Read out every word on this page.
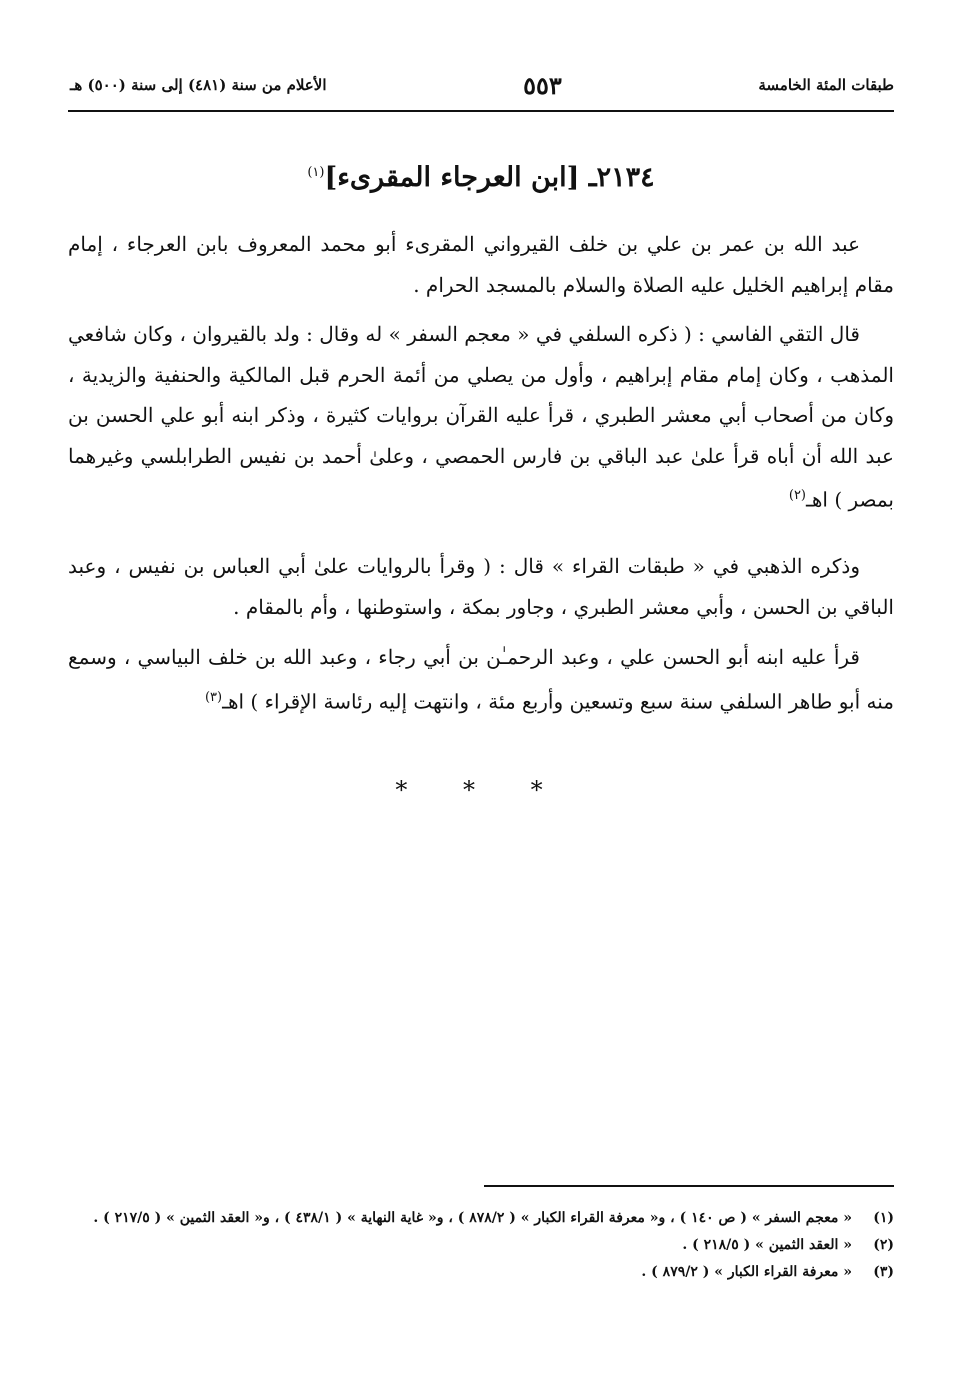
طبقات المئة الخامسة
٥٥٣
الأعلام من سنة (٤٨١) إلى سنة (٥٠٠) هـ
٢١٣٤ـ [ابن العرجاء المقرىء]$^{(١)}$

عبد الله بن عمر بن علي بن خلف القيرواني المقرىء أبو محمد المعروف بابن العرجاء ، إمام مقام إبراهيم الخليل عليه الصلاة والسلام بالمسجد الحرام .

قال التقي الفاسي : ( ذكره السلفي في « معجم السفر » له وقال : ولد بالقيروان ، وكان شافعي المذهب ، وكان إمام مقام إبراهيم ، وأول من يصلي من أئمة الحرم قبل المالكية والحنفية والزيدية ، وكان من أصحاب أبي معشر الطبري ، قرأ عليه القرآن بروايات كثيرة ، وذكر ابنه أبو علي الحسن بن عبد الله أن أباه قرأ علىٰ عبد الباقي بن فارس الحمصي ، وعلىٰ أحمد بن نفيس الطرابلسي وغيرهما بمصر ) اهـ$^{(٢)}$

وذكره الذهبي في « طبقات القراء » قال : ( وقرأ بالروايات علىٰ أبي العباس بن نفيس ، وعبد الباقي بن الحسن ، وأبي معشر الطبري ، وجاور بمكة ، واستوطنها ، وأم بالمقام .

قرأ عليه ابنه أبو الحسن علي ، وعبد الرحمـٰن بن أبي رجاء ، وعبد الله بن خلف البياسي ، وسمع منه أبو طاهر السلفي سنة سبع وتسعين وأربع مئة ، وانتهت إليه رئاسة الإقراء ) اهـ$^{(٣)}$

* * *
(١)
« معجم السفر » ( ص ١٤٠ ) ، و« معرفة القراء الكبار » ( ٨٧٨/٢ ) ، و« غاية النهاية » ( ٤٣٨/١ ) ، و« العقد الثمين » ( ٢١٧/٥ ) .
(٢)
« العقد الثمين » ( ٢١٨/٥ ) .
(٣)
« معرفة القراء الكبار » ( ٨٧٩/٢ ) .
